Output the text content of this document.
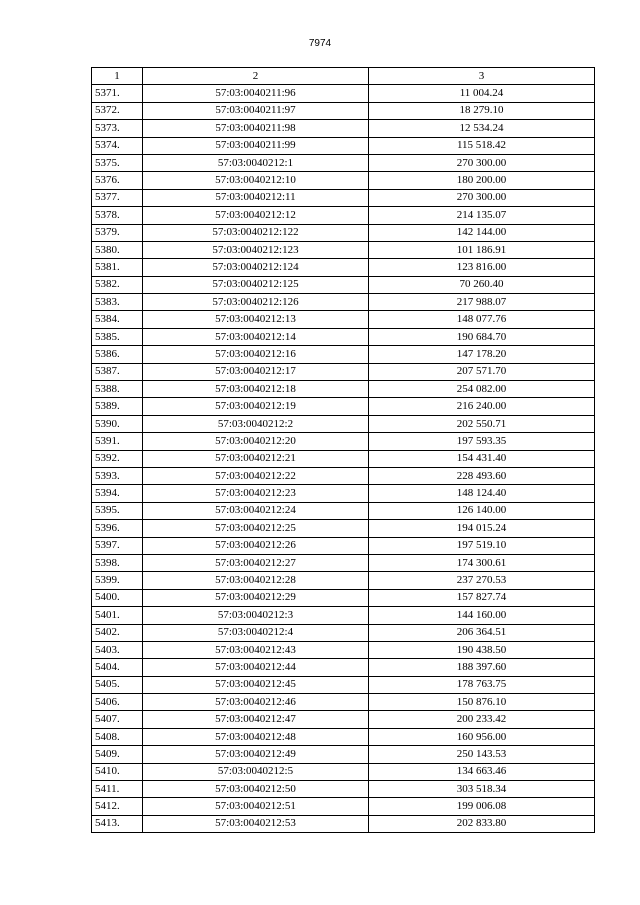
7974
1	2	3
5371.	57:03:0040211:96	11 004.24
5372.	57:03:0040211:97	18 279.10
5373.	57:03:0040211:98	12 534.24
5374.	57:03:0040211:99	115 518.42
5375.	57:03:0040212:1	270 300.00
5376.	57:03:0040212:10	180 200.00
5377.	57:03:0040212:11	270 300.00
5378.	57:03:0040212:12	214 135.07
5379.	57:03:0040212:122	142 144.00
5380.	57:03:0040212:123	101 186.91
5381.	57:03:0040212:124	123 816.00
5382.	57:03:0040212:125	70 260.40
5383.	57:03:0040212:126	217 988.07
5384.	57:03:0040212:13	148 077.76
5385.	57:03:0040212:14	190 684.70
5386.	57:03:0040212:16	147 178.20
5387.	57:03:0040212:17	207 571.70
5388.	57:03:0040212:18	254 082.00
5389.	57:03:0040212:19	216 240.00
5390.	57:03:0040212:2	202 550.71
5391.	57:03:0040212:20	197 593.35
5392.	57:03:0040212:21	154 431.40
5393.	57:03:0040212:22	228 493.60
5394.	57:03:0040212:23	148 124.40
5395.	57:03:0040212:24	126 140.00
5396.	57:03:0040212:25	194 015.24
5397.	57:03:0040212:26	197 519.10
5398.	57:03:0040212:27	174 300.61
5399.	57:03:0040212:28	237 270.53
5400.	57:03:0040212:29	157 827.74
5401.	57:03:0040212:3	144 160.00
5402.	57:03:0040212:4	206 364.51
5403.	57:03:0040212:43	190 438.50
5404.	57:03:0040212:44	188 397.60
5405.	57:03:0040212:45	178 763.75
5406.	57:03:0040212:46	150 876.10
5407.	57:03:0040212:47	200 233.42
5408.	57:03:0040212:48	160 956.00
5409.	57:03:0040212:49	250 143.53
5410.	57:03:0040212:5	134 663.46
5411.	57:03:0040212:50	303 518.34
5412.	57:03:0040212:51	199 006.08
5413.	57:03:0040212:53	202 833.80
